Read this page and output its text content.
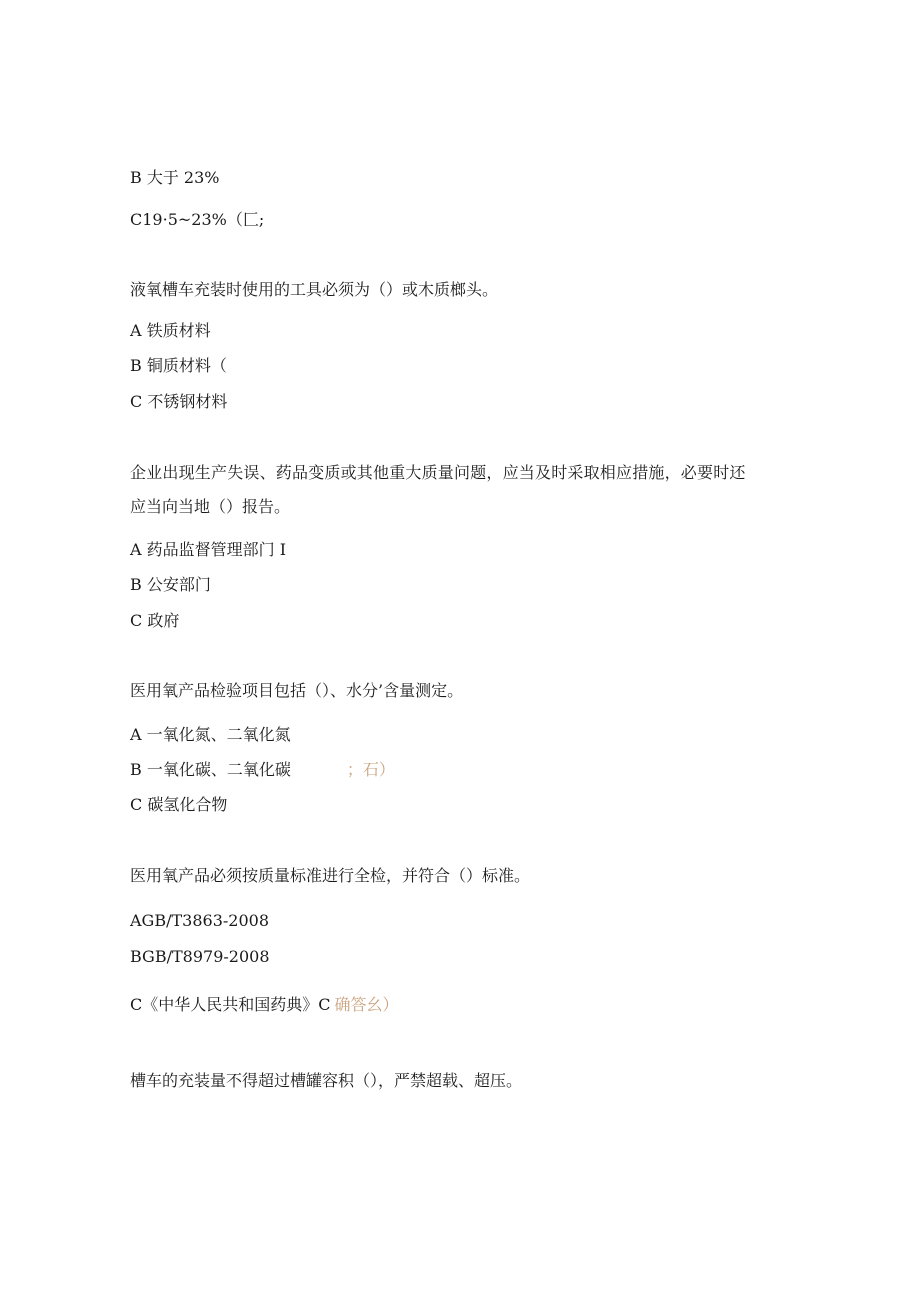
B 大于 23%
C19·5~23%（匚;
液氧槽车充装时使用的工具必须为（）或木质榔头。
A 铁质材料
B 铜质材料（
C 不锈钢材料
企业出现生产失误、药品变质或其他重大质量问题，应当及时采取相应措施，必要时还
应当向当地（）报告。
A 药品监督管理部门 I
B 公安部门
C 政府
医用氧产品检验项目包括（）、水分’含量测定。
A 一氧化氮、二氧化氮
B 一氧化碳、二氧化碳	；石）
C 碳氢化合物
医用氧产品必须按质量标准进行全检，并符合（）标准。
AGB/T3863-2008
BGB/T8979-2008
C《中华人民共和国药典》C 确答幺）
槽车的充装量不得超过槽罐容积（），严禁超载、超压。
